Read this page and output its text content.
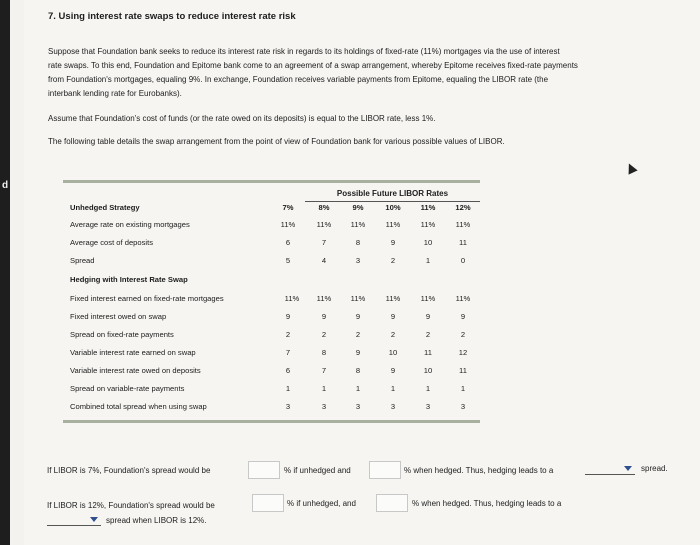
d
7. Using interest rate swaps to reduce interest rate risk
Suppose that Foundation bank seeks to reduce its interest rate risk in regards to its holdings of fixed-rate (11%) mortgages via the use of interest
rate swaps. To this end, Foundation and Epitome bank come to an agreement of a swap arrangement, whereby Epitome receives fixed-rate payments
from Foundation's mortgages, equaling 9%. In exchange, Foundation receives variable payments from Epitome, equaling the LIBOR rate (the
interbank lending rate for Eurobanks).
Assume that Foundation's cost of funds (or the rate owed on its deposits) is equal to the LIBOR rate, less 1%.
The following table details the swap arrangement from the point of view of Foundation bank for various possible values of LIBOR.
Possible Future LIBOR Rates
Unhedged Strategy	7%	8%	9%	10%	11%	12%
Average rate on existing mortgages	11%	11%	11%	11%	11%	11%
Average cost of deposits	6	7	8	9	10	11
Spread	5	4	3	2	1	0
Hedging with Interest Rate Swap
Fixed interest earned on fixed-rate mortgages	11%	11%	11%	11%	11%	11%
Fixed interest owed on swap	9	9	9	9	9	9
Spread on fixed-rate payments	2	2	2	2	2	2
Variable interest rate earned on swap	7	8	9	10	11	12
Variable interest rate owed on deposits	6	7	8	9	10	11
Spread on variable-rate payments	1	1	1	1	1	1
Combined total spread when using swap	3	3	3	3	3	3
If LIBOR is 7%, Foundation's spread would be	% if unhedged and	% when hedged. Thus, hedging leads to a	spread.
If LIBOR is 12%, Foundation's spread would be	% if unhedged, and	% when hedged. Thus, hedging leads to a
spread when LIBOR is 12%.
